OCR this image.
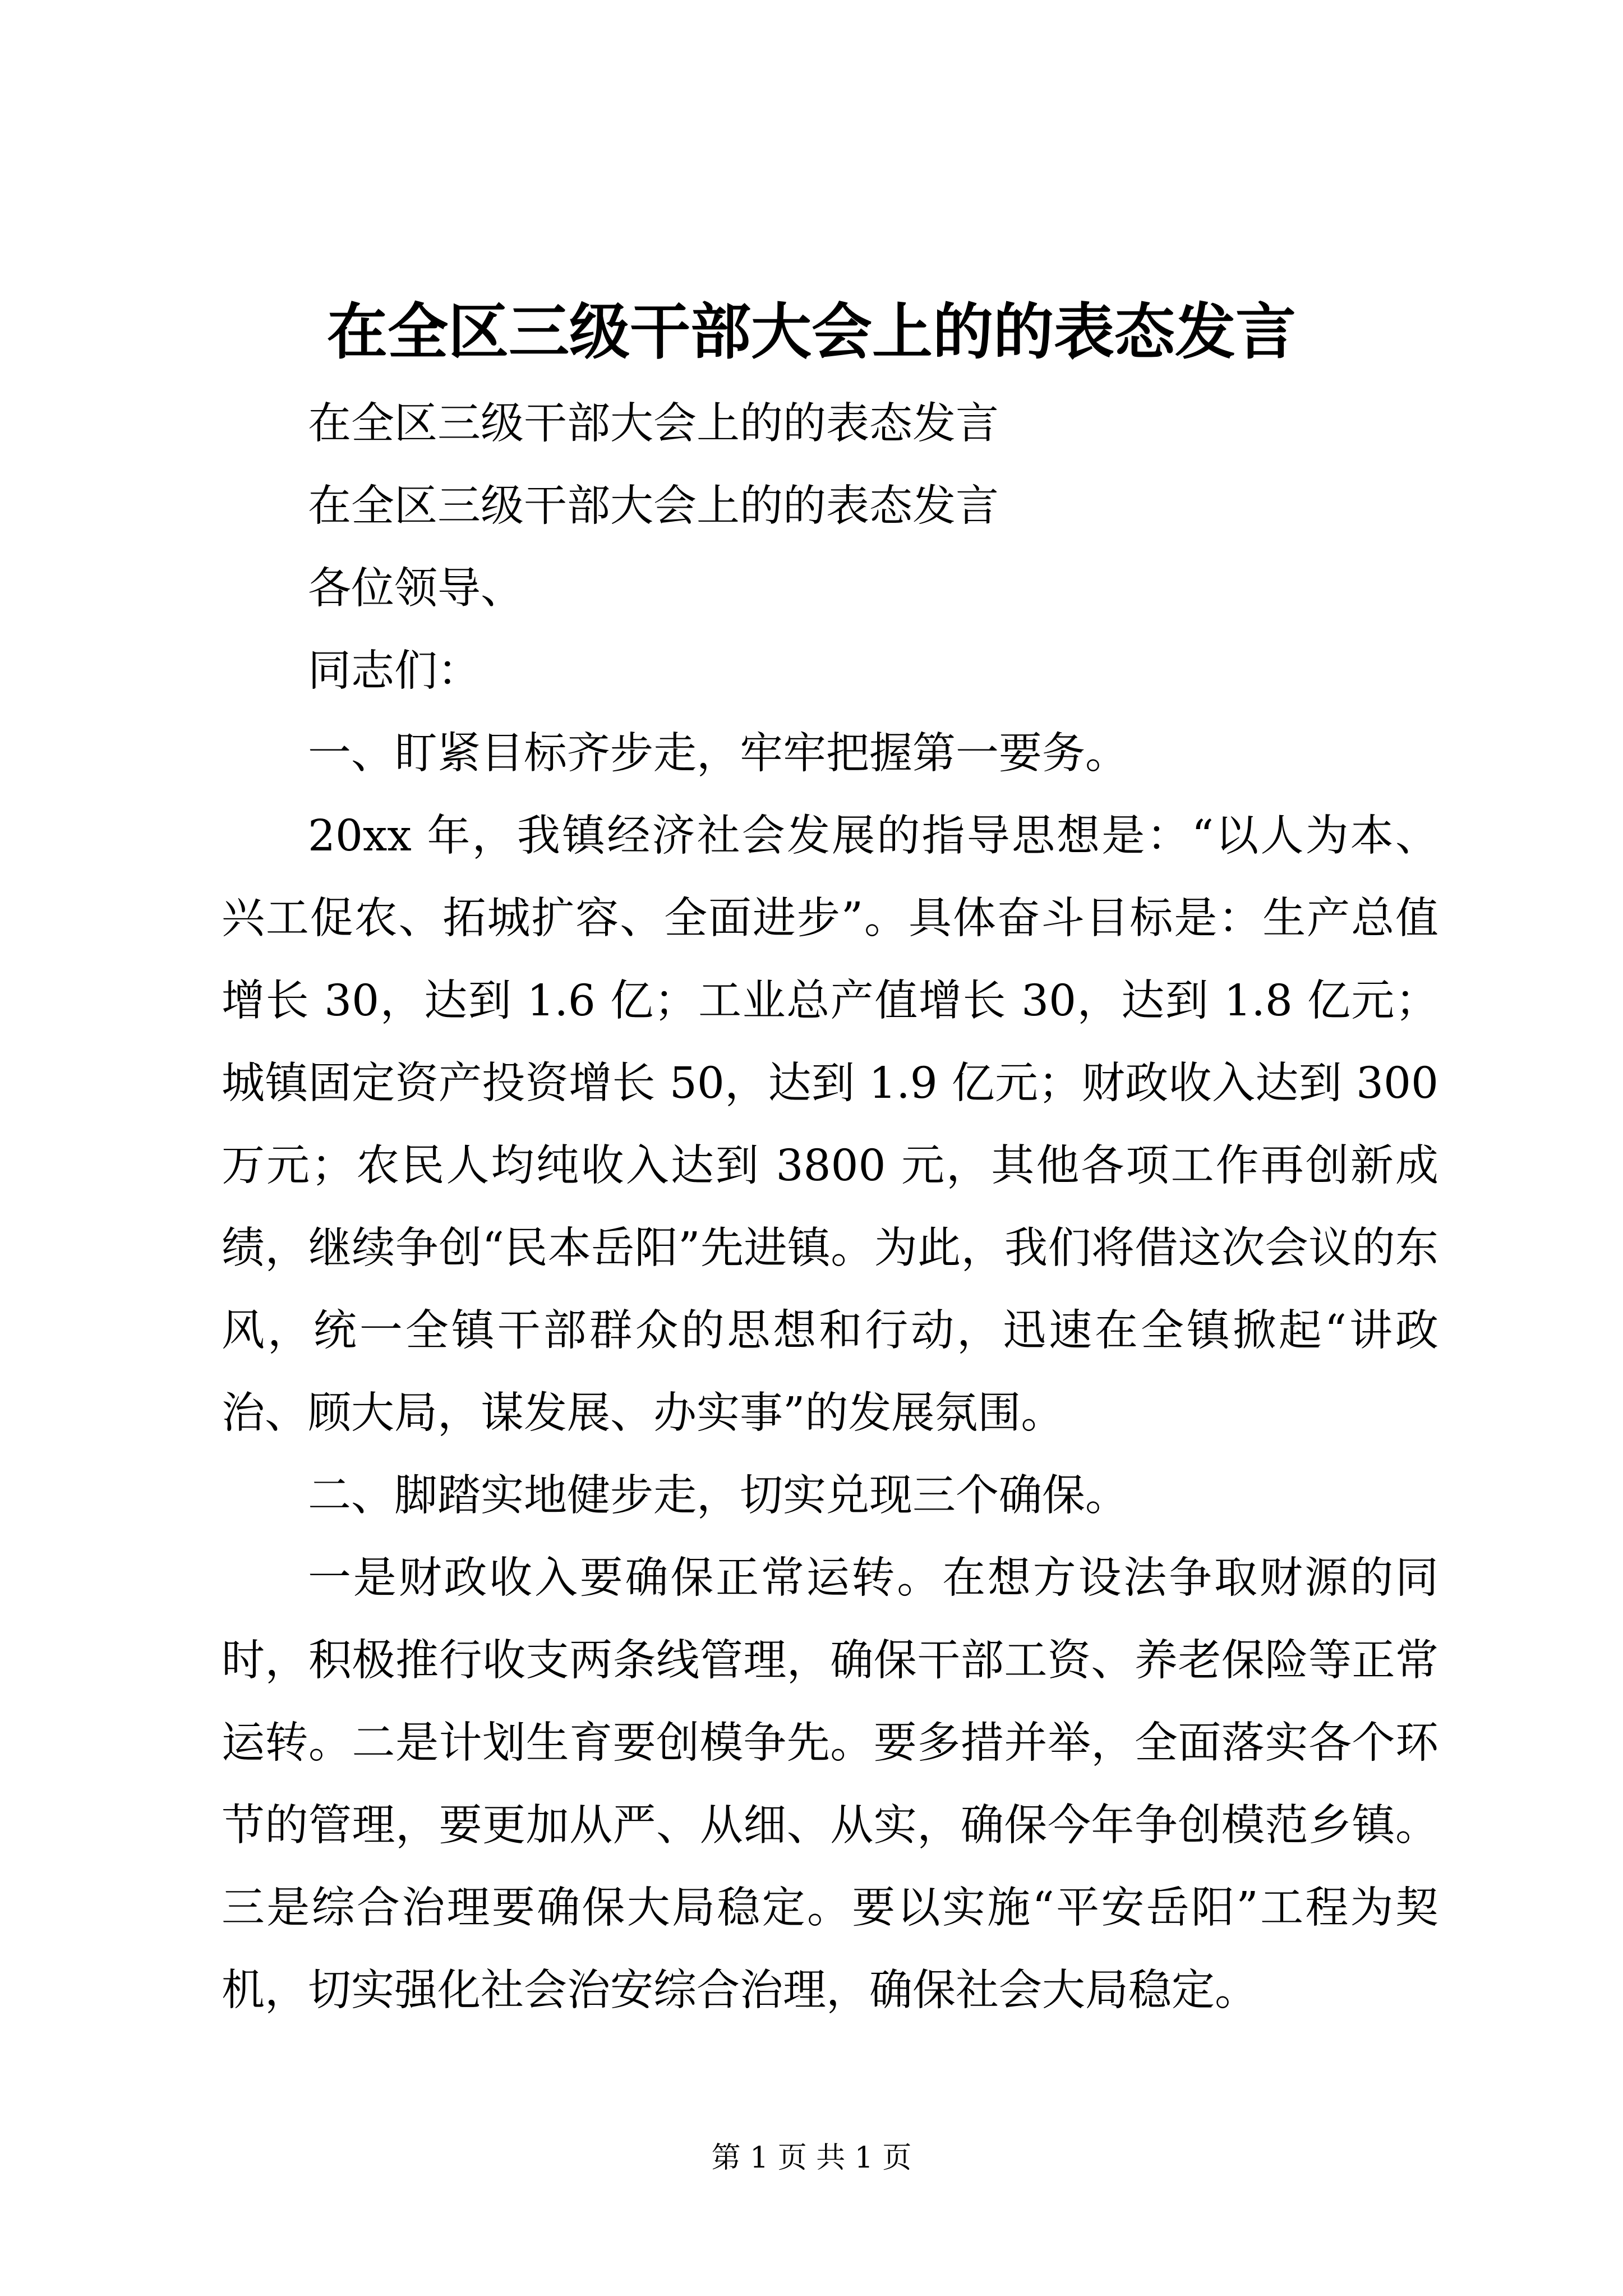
在全区三级干部大会上的的表态发言

在全区三级干部大会上的的表态发言

在全区三级干部大会上的的表态发言

各位领导、

同志们：

一、盯紧目标齐步走，牢牢把握第一要务。

20xx 年，我镇经济社会发展的指导思想是：“以人为本、兴工促农、拓城扩容、全面进步”。具体奋斗目标是：生产总值增长 30，达到 1.6 亿；工业总产值增长 30，达到 1.8 亿元；城镇固定资产投资增长 50，达到 1.9 亿元；财政收入达到 300 万元；农民人均纯收入达到 3800 元，其他各项工作再创新成绩，继续争创“民本岳阳”先进镇。为此，我们将借这次会议的东风，统一全镇干部群众的思想和行动，迅速在全镇掀起“讲政治、顾大局，谋发展、办实事”的发展氛围。

二、脚踏实地健步走，切实兑现三个确保。

一是财政收入要确保正常运转。在想方设法争取财源的同时，积极推行收支两条线管理，确保干部工资、养老保险等正常运转。二是计划生育要创模争先。要多措并举，全面落实各个环节的管理，要更加从严、从细、从实，确保今年争创模范乡镇。三是综合治理要确保大局稳定。要以实施“平安岳阳”工程为契机，切实强化社会治安综合治理，确保社会大局稳定。

第 1 页 共 1 页
